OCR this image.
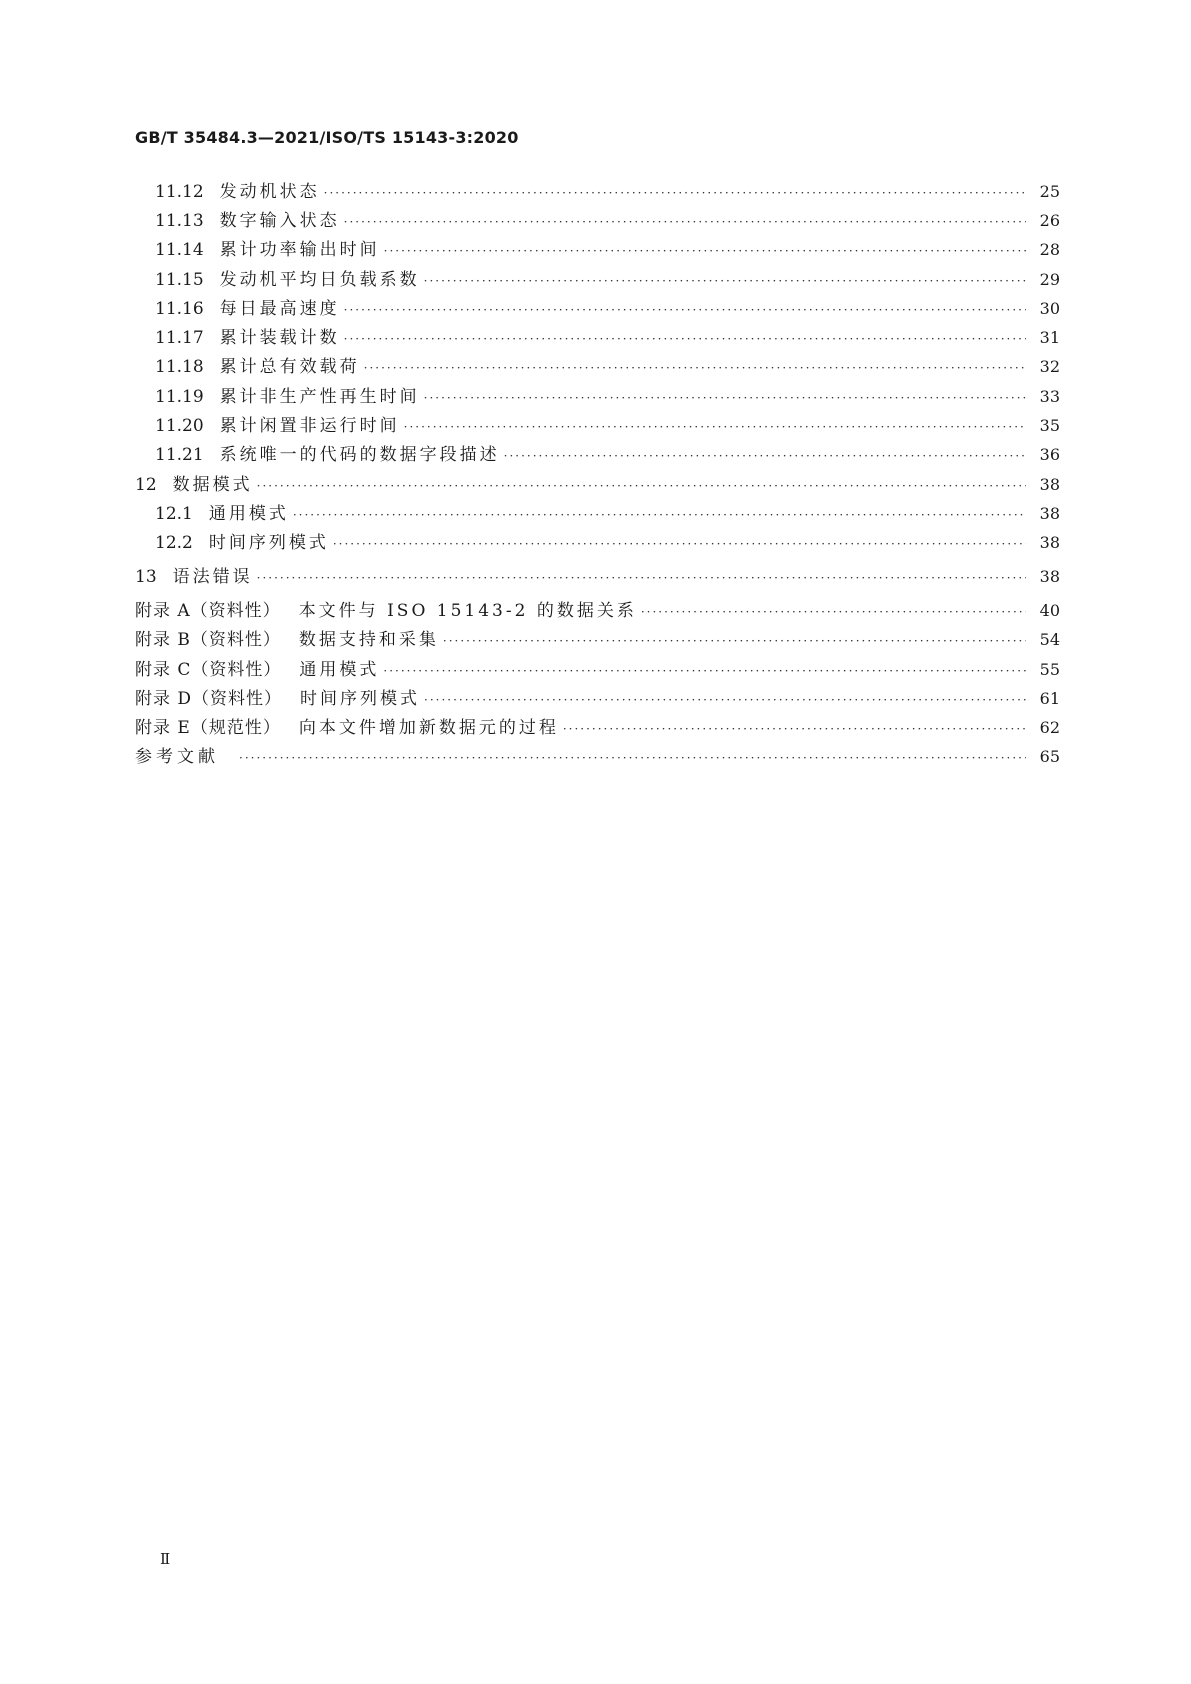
GB/T 35484.3—2021/ISO/TS 15143-3:2020
11.12 发动机状态 ·····	25
11.13 数字输入状态 ·····	26
11.14 累计功率输出时间 ·····	28
11.15 发动机平均日负载系数 ·····	29
11.16 每日最高速度 ·····	30
11.17 累计装载计数 ·····	31
11.18 累计总有效载荷 ·····	32
11.19 累计非生产性再生时间 ·····	33
11.20 累计闲置非运行时间 ·····	35
11.21 系统唯一的代码的数据字段描述 ·····	36
12 数据模式 ·····	38
12.1 通用模式 ·····	38
12.2 时间序列模式 ·····	38
13 语法错误 ·····	38
附录 A（资料性） 本文件与 ISO 15143-2 的数据关系 ·····	40
附录 B（资料性） 数据支持和采集 ·····	54
附录 C（资料性） 通用模式 ·····	55
附录 D（资料性） 时间序列模式 ·····	61
附录 E（规范性） 向本文件增加新数据元的过程 ·····	62
参考文献 ·····	65
Ⅱ
